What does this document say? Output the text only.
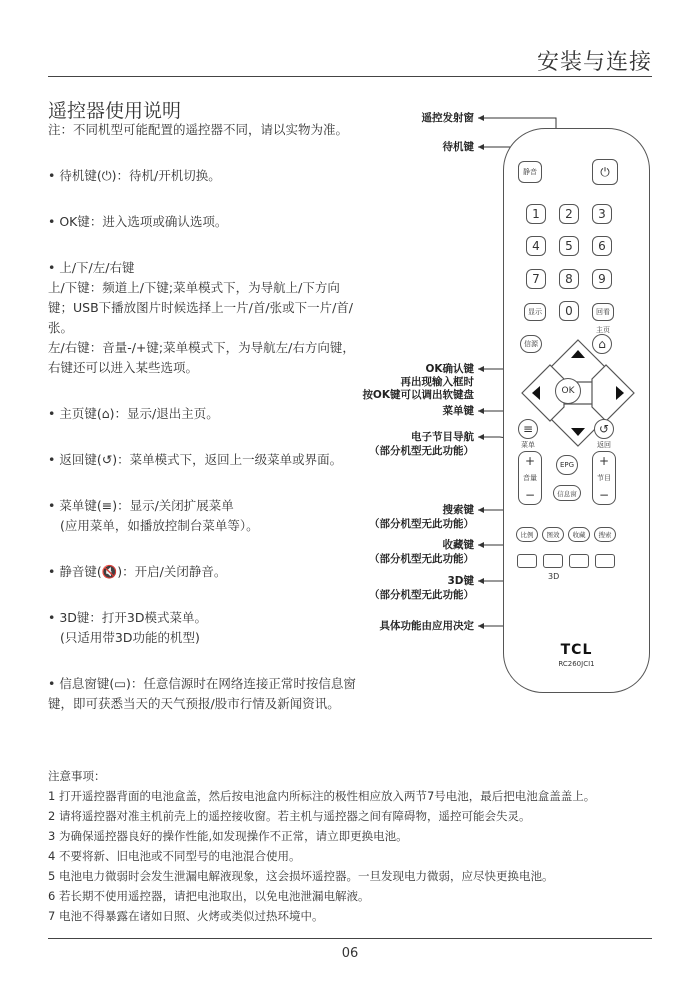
安装与连接
遥控器使用说明

注：不同机型可能配置的遥控器不同，请以实物为准。

• 待机键(⏻)：待机/开机切换。

• OK键：进入选项或确认选项。

• 上/下/左/右键

上/下键：频道上/下键;菜单模式下，为导航上/下方向键；USB下播放图片时候选择上一片/首/张或下一片/首/张。

左/右键：音量-/+键;菜单模式下，为导航左/右方向键，右键还可以进入某些选项。

• 主页键(⌂)：显示/退出主页。

• 返回键(↺)：菜单模式下，返回上一级菜单或界面。

• 菜单键(≡)：显示/关闭扩展菜单

(应用菜单，如播放控制台菜单等）。

• 静音键(🔇)：开启/关闭静音。

• 3D键：打开3D模式菜单。

(只适用带3D功能的机型)

• 信息窗键(▭)：任意信源时在网络连接正常时按信息窗键，即可获悉当天的天气预报/股市行情及新闻资讯。

遥控发射窗
待机键
OK确认键
再出现输入框时
按OK键可以调出软键盘
菜单键
电子节目导航
（部分机型无此功能）
搜索键
（部分机型无此功能）
收藏键
（部分机型无此功能）
3D键
（部分机型无此功能）
具体功能由应用决定
静音	⏻
1	2	3
4	5	6
7	8	9
显示	0	回看
主页
信源	⌂
OK
≡	↺
菜单	返回
+
音量
−
EPG
信息窗
+
节目
−
比例	图效	收藏	搜索
3D
TCL
RC260JCI1
注意事项：
1 打开遥控器背面的电池盒盖，然后按电池盒内所标注的极性相应放入两节7号电池，最后把电池盒盖盖上。
2 请将遥控器对准主机前壳上的遥控接收窗。若主机与遥控器之间有障碍物，遥控可能会失灵。
3 为确保遥控器良好的操作性能,如发现操作不正常，请立即更换电池。
4 不要将新、旧电池或不同型号的电池混合使用。
5 电池电力微弱时会发生泄漏电解液现象，这会损坏遥控器。一旦发现电力微弱，应尽快更换电池。
6 若长期不使用遥控器，请把电池取出，以免电池泄漏电解液。
7 电池不得暴露在诸如日照、火烤或类似过热环境中。
06
